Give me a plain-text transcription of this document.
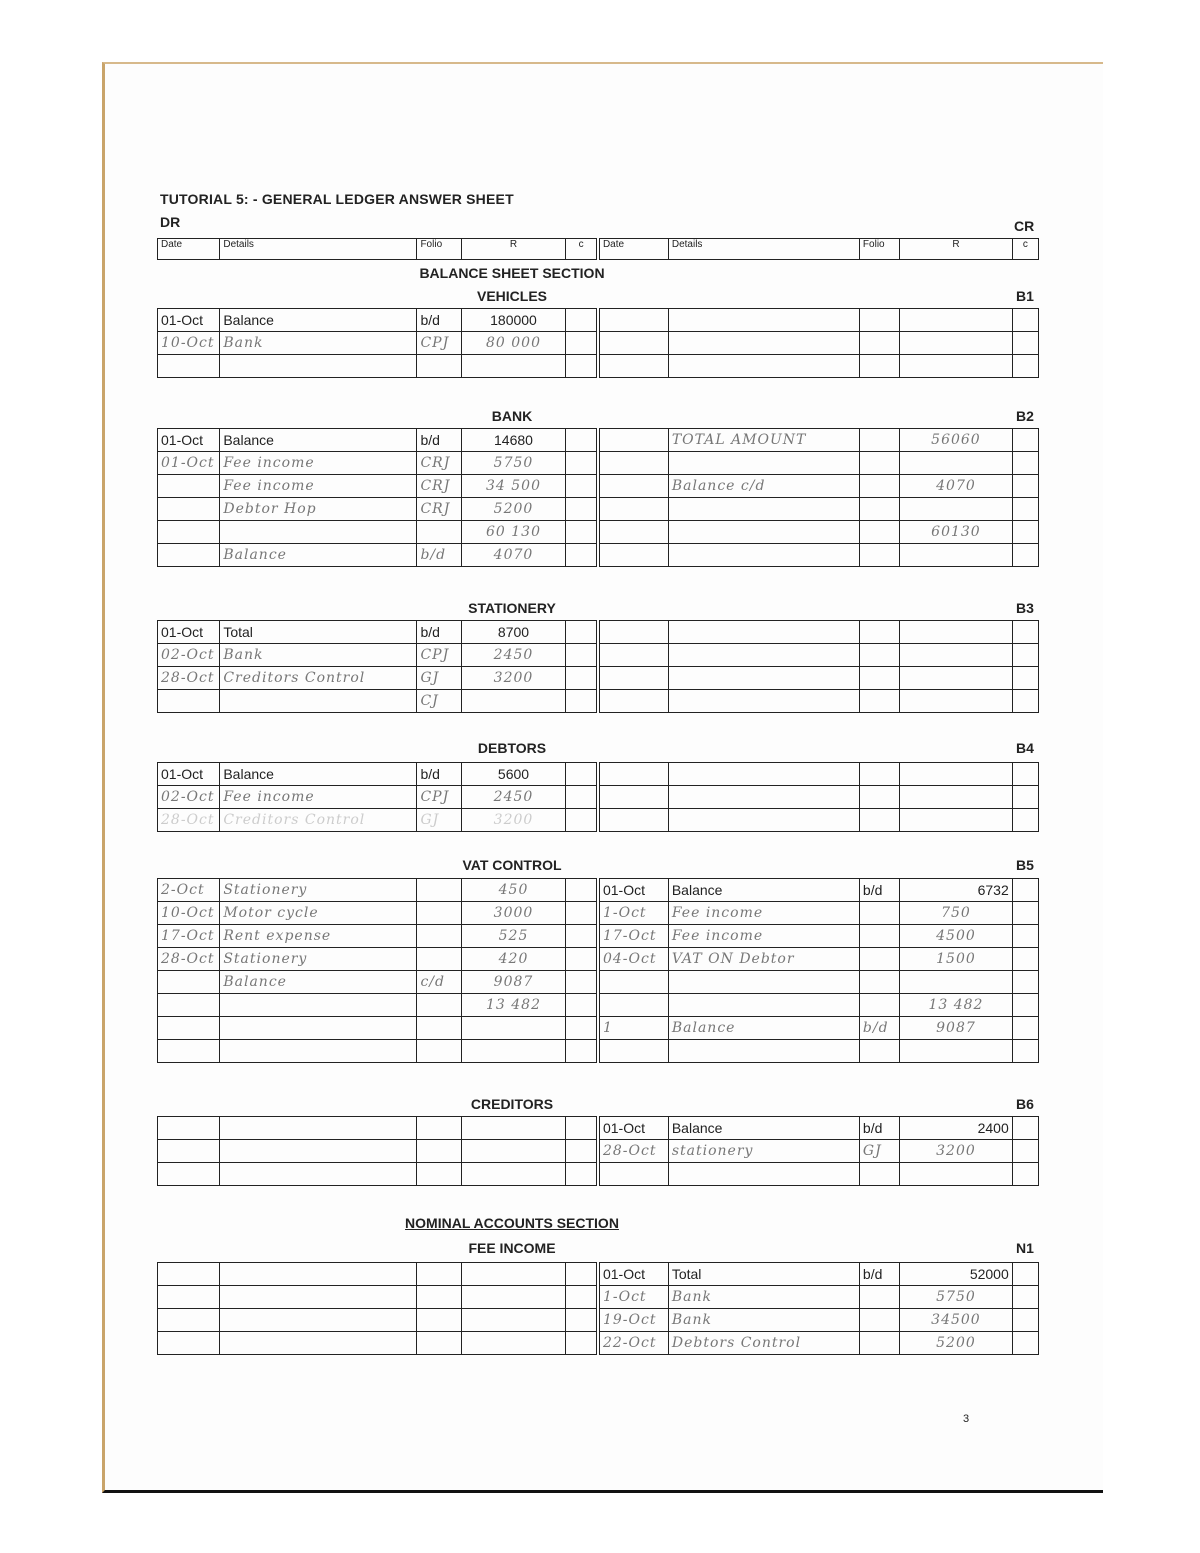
TUTORIAL 5: - GENERAL LEDGER ANSWER SHEET
DR	CR
Date	Details	Folio	R	c	Date	Details	Folio	R	c
BALANCE SHEET SECTION
NOMINAL ACCOUNTS SECTION
VEHICLES	B1
01-Oct	Balance	b/d	180000						
10-Oct	Bank	CPJ	80 000						

BANK	B2
01-Oct	Balance	b/d	14680			TOTAL AMOUNT		56060	
01-Oct	Fee income	CRJ	5750						
	Fee income	CRJ	34 500			Balance c/d		4070	
	Debtor Hop	CRJ	5200						
			60 130					60130	
	Balance	b/d	4070						
STATIONERY	B3
01-Oct	Total	b/d	8700						
02-Oct	Bank	CPJ	2450						
28-Oct	Creditors Control	GJ	3200						
		CJ							
DEBTORS	B4
01-Oct	Balance	b/d	5600						
02-Oct	Fee income	CPJ	2450						
28-Oct	Creditors Control	GJ	3200						
VAT CONTROL	B5
2-Oct	Stationery		450		01-Oct	Balance	b/d	6732	
10-Oct	Motor cycle		3000		1-Oct	Fee income		750	
17-Oct	Rent expense		525		17-Oct	Fee income		4500	
28-Oct	Stationery		420		04-Oct	VAT ON Debtor		1500	
	Balance	c/d	9087						
			13 482					13 482	
					1	Balance	b/d	9087	

CREDITORS	B6
					01-Oct	Balance	b/d	2400	
					28-Oct	stationery	GJ	3200	

FEE INCOME	N1
					01-Oct	Total	b/d	52000	
					1-Oct	Bank		5750	
					19-Oct	Bank		34500	
					22-Oct	Debtors Control		5200	
3
